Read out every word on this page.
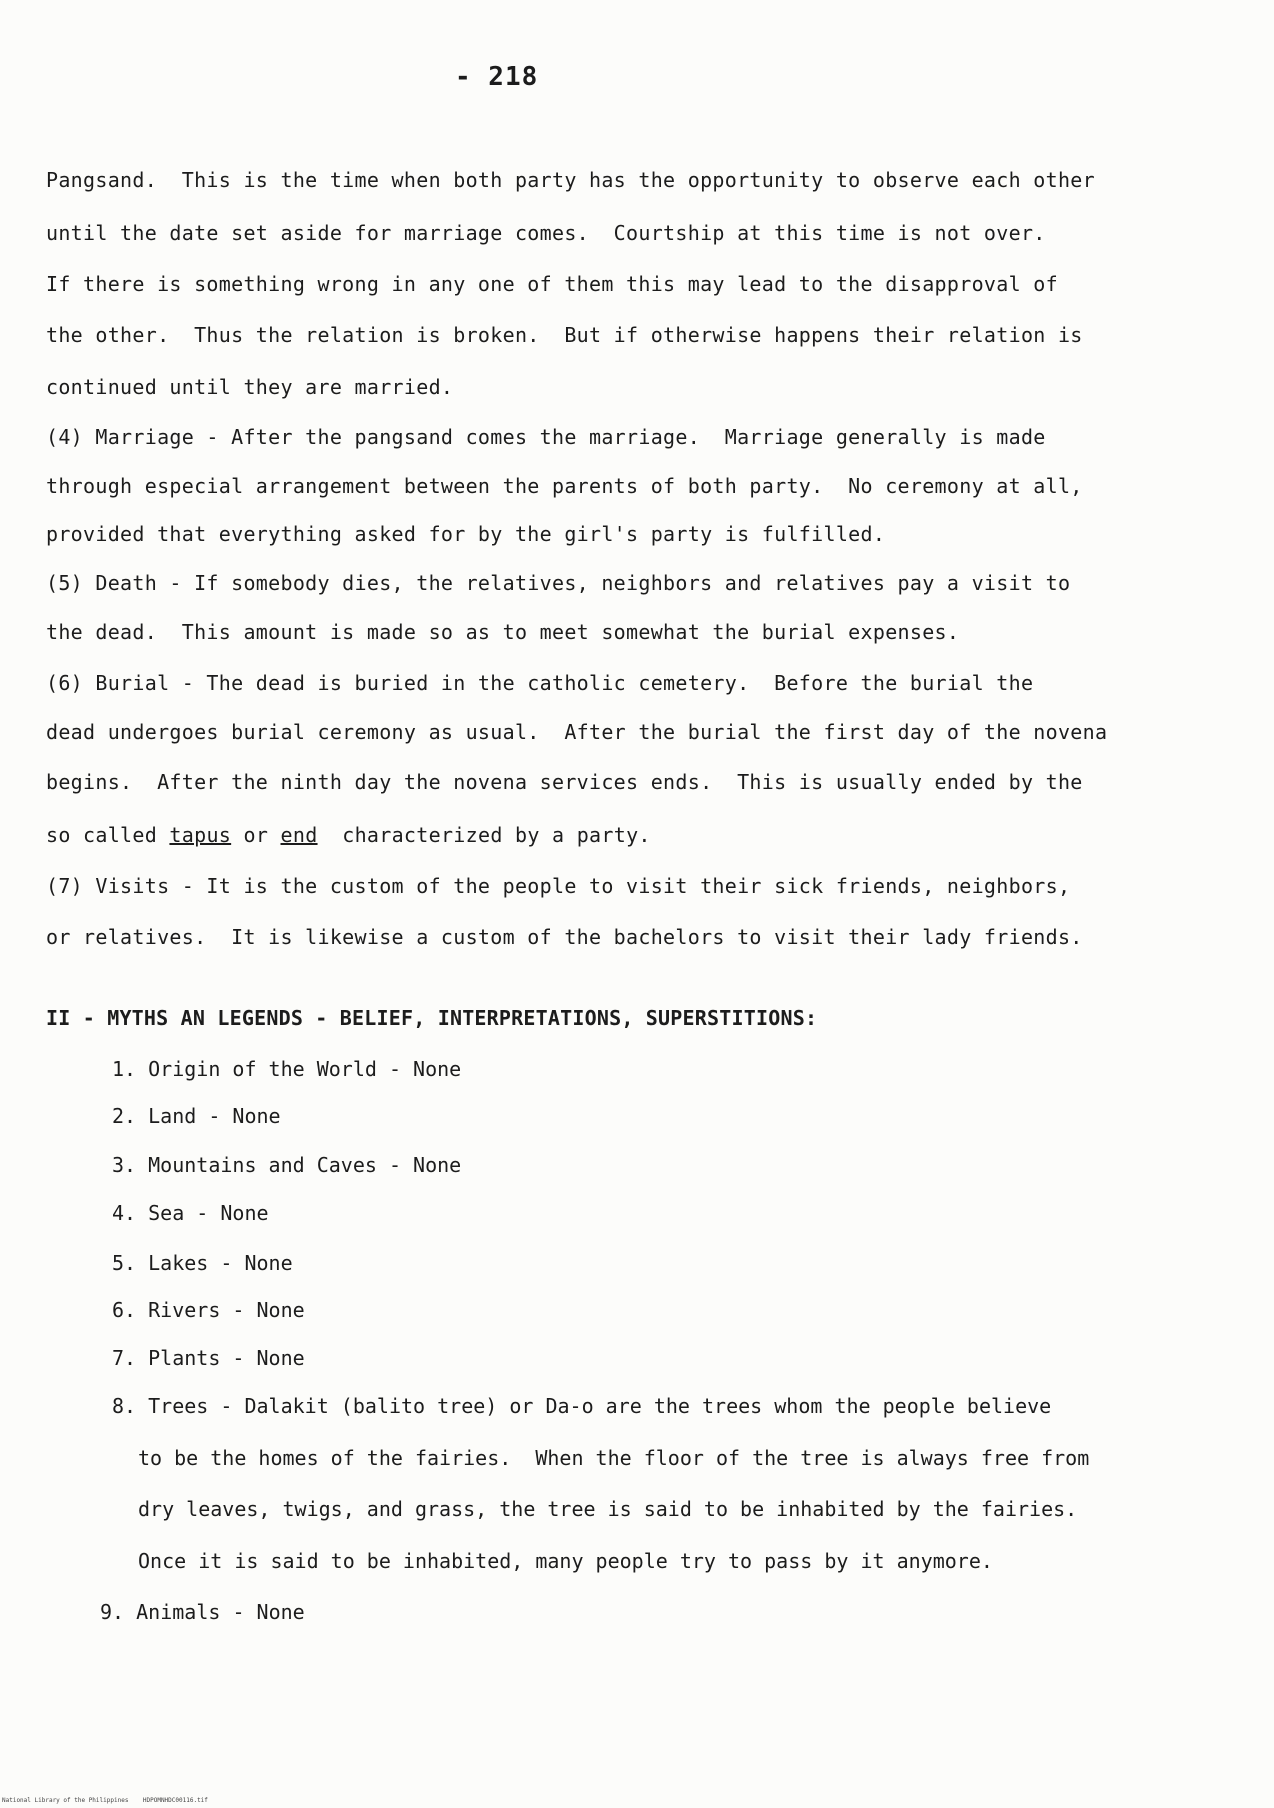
- 218
Pangsand.  This is the time when both party has the opportunity to observe each other
until the date set aside for marriage comes.  Courtship at this time is not over.
If there is something wrong in any one of them this may lead to the disapproval of
the other.  Thus the relation is broken.  But if otherwise happens their relation is
continued until they are married.
(4) Marriage - After the pangsand comes the marriage.  Marriage generally is made
through especial arrangement between the parents of both party.  No ceremony at all,
provided that everything asked for by the girl's party is fulfilled.
(5) Death - If somebody dies, the relatives, neighbors and relatives pay a visit to
the dead.  This amount is made so as to meet somewhat the burial expenses.
(6) Burial - The dead is buried in the catholic cemetery.  Before the burial the
dead undergoes burial ceremony as usual.  After the burial the first day of the novena
begins.  After the ninth day the novena services ends.  This is usually ended by the
so called tapus or end  characterized by a party.
(7) Visits - It is the custom of the people to visit their sick friends, neighbors,
or relatives.  It is likewise a custom of the bachelors to visit their lady friends.
II - MYTHS AN LEGENDS - BELIEF, INTERPRETATIONS, SUPERSTITIONS:
1. Origin of the World - None
2. Land - None
3. Mountains and Caves - None
4. Sea - None
5. Lakes - None
6. Rivers - None
7. Plants - None
8. Trees - Dalakit (balito tree) or Da-o are the trees whom the people believe
to be the homes of the fairies.  When the floor of the tree is always free from
dry leaves, twigs, and grass, the tree is said to be inhabited by the fairies.
Once it is said to be inhabited, many people try to pass by it anymore.
9. Animals - None
National Library of the Philippines    HDPOMNHDC00116.tif
